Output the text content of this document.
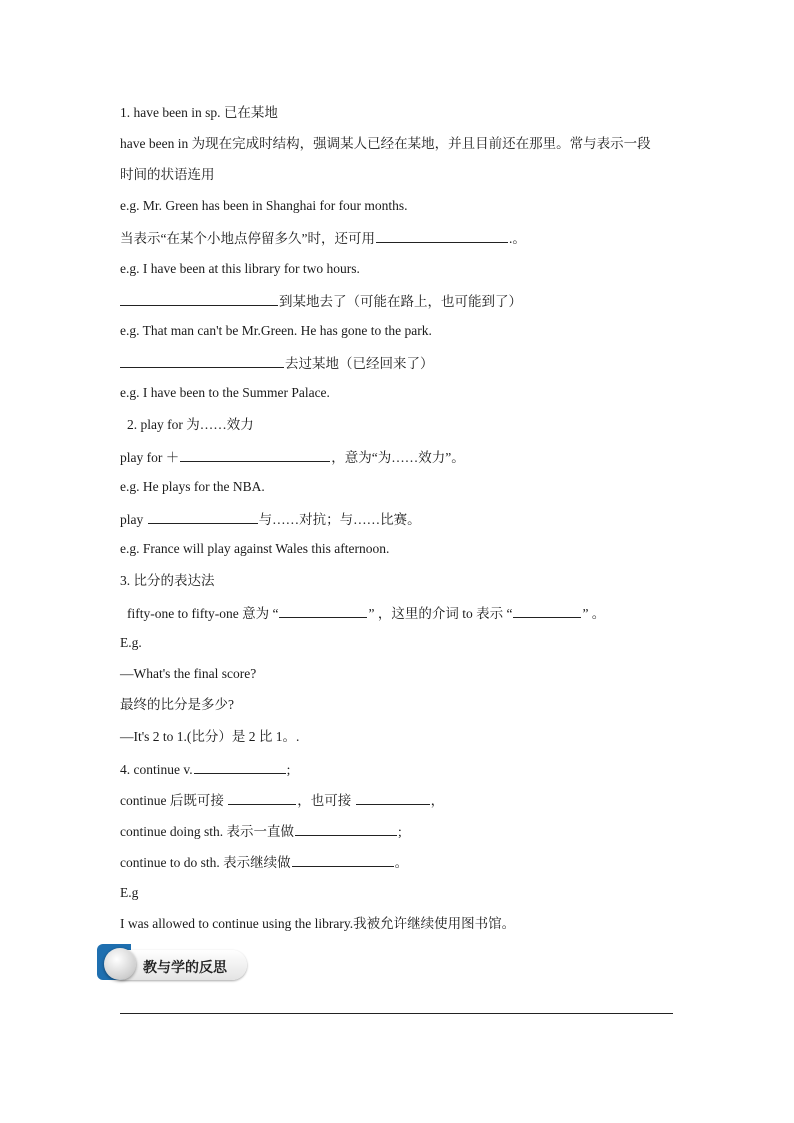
1. have been in sp. 已在某地
have been in 为现在完成时结构，强调某人已经在某地，并且目前还在那里。常与表示一段
时间的状语连用
e.g. Mr. Green has been in Shanghai for four months.
当表示“在某个小地点停留多久”时，还可用	.。
e.g. I have been at this library for two hours.
到某地去了（可能在路上，也可能到了）
e.g. That man can't be Mr.Green. He has gone to the park.
去过某地（已经回来了）
e.g. I have been to the Summer Palace.
2. play for 为……效力
play for ＋	，意为“为……效力”。
e.g. He plays for the NBA.
play	与……对抗；与……比赛。
e.g. France will play against Wales this afternoon.
3. 比分的表达法
fifty-one to fifty-one 意为 “	” ，这里的介词 to 表示 “	” 。
E.g.
—What's the final score?
最终的比分是多少?
—It's 2 to 1.(比分）是 2 比 1。.
4. continue v.	;
continue 后既可接	，也可接	，
continue doing sth. 表示一直做	;
continue to do sth. 表示继续做	。
E.g
I was allowed to continue using the library.我被允许继续使用图书馆。
教与学的反思
